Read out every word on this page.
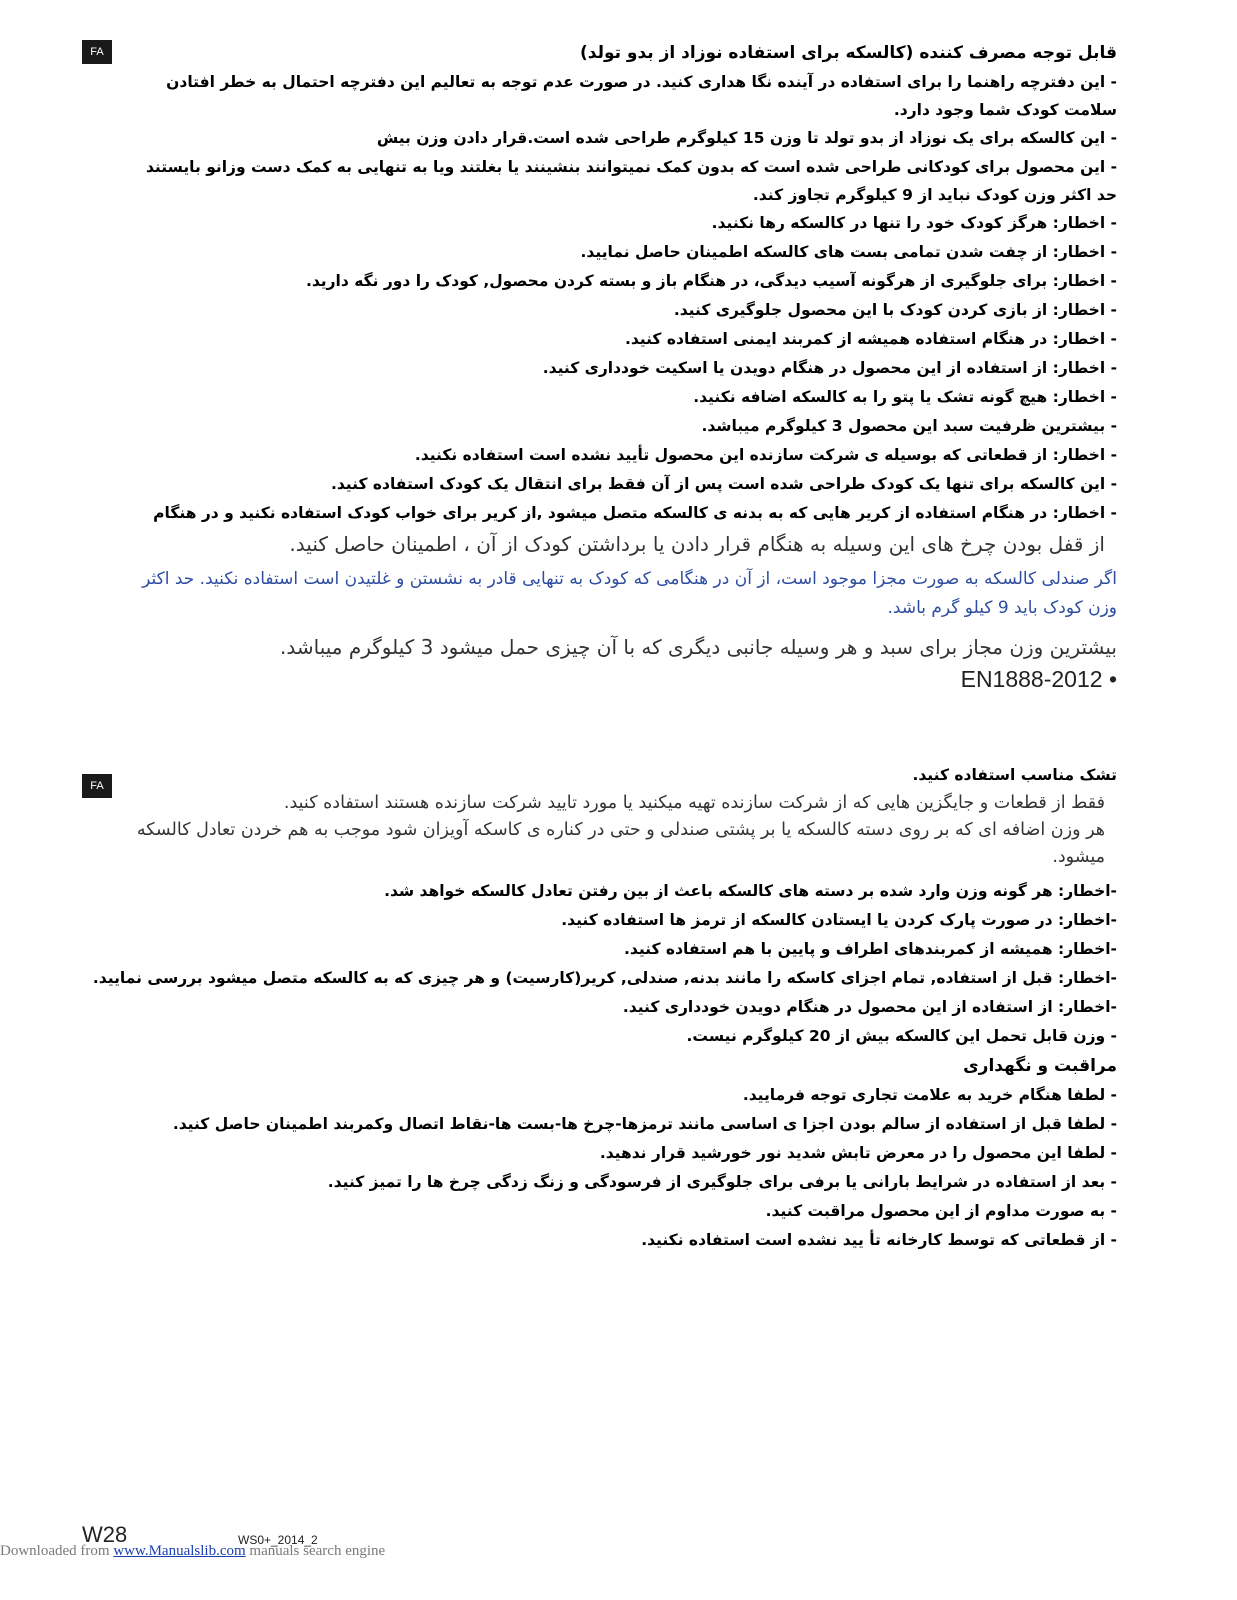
FA
FA
قابل توجه مصرف کننده (کالسکه برای استفاده نوزاد از بدو تولد)
- این دفترچه راهنما را برای استفاده در آینده نگا هداری کنید. در صورت عدم توجه به تعالیم این دفترچه احتمال به خطر افتادن سلامت کودک شما وجود دارد.
- این کالسکه برای یک نوزاد از بدو تولد تا وزن 15 کیلوگرم طراحی شده است.قرار دادن وزن بیش
- این محصول برای کودکانی طراحی شده است که بدون کمک نمیتوانند بنشینند یا بغلتند ویا به تنهایی به کمک دست وزانو بایستند حد اکثر وزن کودک نباید از 9 کیلوگرم تجاوز کند.
- اخطار: هرگز کودک خود را تنها در کالسکه رها نکنید.
- اخطار: از چفت شدن تمامی بست های کالسکه اطمینان حاصل نمایید.
- اخطار: برای جلوگیری از هرگونه آسیب دیدگی، در هنگام باز و بسته کردن محصول, کودک را دور نگه دارید.
- اخطار: از بازی کردن کودک با این محصول جلوگیری کنید.
- اخطار: در هنگام استفاده همیشه از کمربند ایمنی استفاده کنید.
- اخطار: از استفاده از این محصول در هنگام دویدن یا اسکیت خودداری کنید.
- اخطار: هیچ گونه تشک یا پتو را به کالسکه اضافه نکنید.
- بیشترین ظرفیت سبد این محصول 3 کیلوگرم میباشد.
- اخطار: از قطعاتی که بوسیله ی شرکت سازنده این محصول تأیید نشده است استفاده نکنید.
- این کالسکه برای تنها یک کودک طراحی شده است پس از آن فقط برای انتقال یک کودک استفاده کنید.
- اخطار: در هنگام استفاده از کریر هایی که به بدنه ی کالسکه متصل میشود ,از کریر برای خواب کودک استفاده نکنید و در هنگام
از قفل بودن چرخ های این وسیله به هنگام قرار دادن یا برداشتن کودک از آن ، اطمینان حاصل کنید.
اگر صندلی کالسکه به صورت مجزا موجود است، از آن در هنگامی که کودک به تنهایی قادر به نشستن و غلتیدن است استفاده نکنید. حد اکثر وزن کودک باید 9 کیلو گرم باشد.
بیشترین وزن مجاز برای سبد و هر وسیله جانبی دیگری که با آن چیزی حمل میشود 3 کیلوگرم میباشد.
EN1888-2012 •
تشک مناسب استفاده کنید.
فقط از قطعات و جایگزین هایی که از شرکت سازنده تهیه میکنید یا مورد تایید شرکت سازنده هستند استفاده کنید.
هر وزن اضافه ای که بر روی دسته کالسکه یا بر پشتی صندلی و حتی در کناره ی کاسکه آویزان شود موجب به هم خردن تعادل کالسکه میشود.
-اخطار: هر گونه وزن وارد شده بر دسته های کالسکه باعث از بین رفتن تعادل کالسکه خواهد شد.
-اخطار: در صورت پارک کردن یا ایستادن کالسکه از ترمز ها استفاده کنید.
-اخطار: همیشه از کمربندهای اطراف و پایین با هم استفاده کنید.
-اخطار: قبل از استفاده, تمام اجزای کاسکه را مانند بدنه, صندلی, کریر(کارسیت) و هر چیزی که به کالسکه متصل میشود بررسی نمایید.
-اخطار: از استفاده از این محصول در هنگام دویدن خودداری کنید.
- وزن قابل تحمل این کالسکه بیش از 20 کیلوگرم نیست.
مراقبت و نگهداری
- لطفا هنگام خرید به علامت تجاری توجه فرمایید.
- لطفا قبل از استفاده از سالم بودن اجزا ی اساسی مانند ترمزها-چرخ ها-بست ها-نقاط اتصال وکمربند اطمینان حاصل کنید.
- لطفا این محصول را در معرض تابش شدید نور خورشید قرار ندهید.
- بعد از استفاده در شرایط بارانی یا برفی برای جلوگیری از فرسودگی و زنگ زدگی چرخ ها را تمیز کنید.
- به صورت مداوم از این محصول مراقبت کنید.
- از قطعاتی که توسط کارخانه تأ یید نشده است استفاده نکنید.
W28	WS0+_2014_2
Downloaded from www.Manualslib.com manuals search engine
